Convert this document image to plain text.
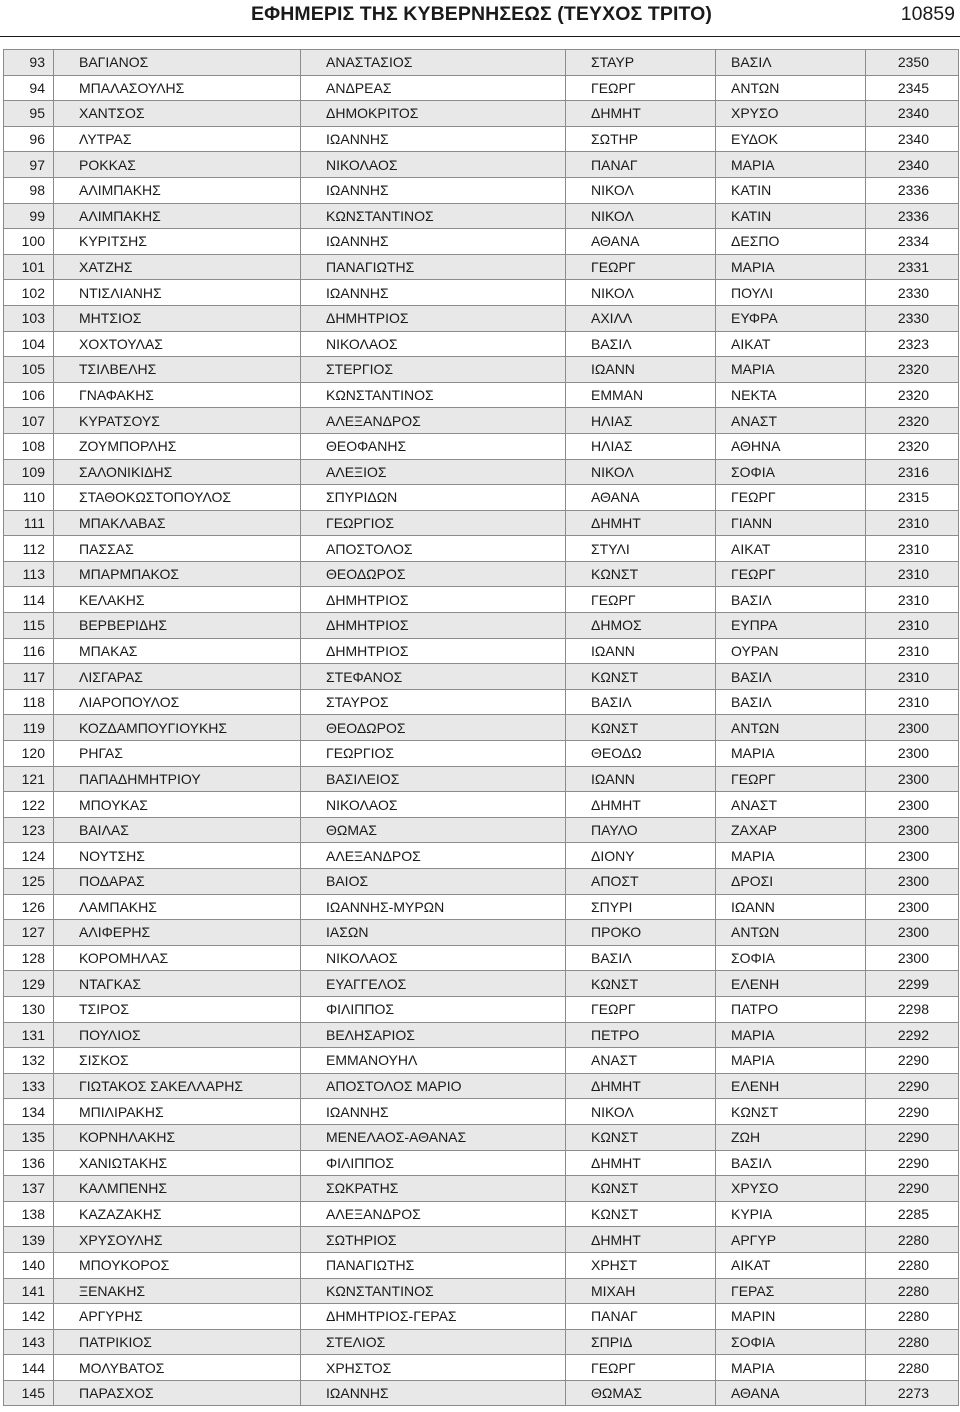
ΕΦΗΜΕΡΙΣ ΤΗΣ ΚΥΒΕΡΝΗΣΕΩΣ (ΤΕΥΧΟΣ ΤΡΙΤΟ)	10859
93	ΒΑΓΙΑΝΟΣ	ΑΝΑΣΤΑΣΙΟΣ	ΣΤΑΥΡ	ΒΑΣΙΛ	2350
94	ΜΠΑΛΑΣΟΥΛΗΣ	ΑΝΔΡΕΑΣ	ΓΕΩΡΓ	ΑΝΤΩΝ	2345
95	ΧΑΝΤΣΟΣ	ΔΗΜΟΚΡΙΤΟΣ	ΔΗΜΗΤ	ΧΡΥΣΟ	2340
96	ΛΥΤΡΑΣ	ΙΩΑΝΝΗΣ	ΣΩΤΗΡ	ΕΥΔΟΚ	2340
97	ΡΟΚΚΑΣ	ΝΙΚΟΛΑΟΣ	ΠΑΝΑΓ	ΜΑΡΙΑ	2340
98	ΑΛΙΜΠΑΚΗΣ	ΙΩΑΝΝΗΣ	ΝΙΚΟΛ	ΚΑΤΙΝ	2336
99	ΑΛΙΜΠΑΚΗΣ	ΚΩΝΣΤΑΝΤΙΝΟΣ	ΝΙΚΟΛ	ΚΑΤΙΝ	2336
100	ΚΥΡΙΤΣΗΣ	ΙΩΑΝΝΗΣ	ΑΘΑΝΑ	ΔΕΣΠΟ	2334
101	ΧΑΤΖΗΣ	ΠΑΝΑΓΙΩΤΗΣ	ΓΕΩΡΓ	ΜΑΡΙΑ	2331
102	ΝΤΙΣΛΙΑΝΗΣ	ΙΩΑΝΝΗΣ	ΝΙΚΟΛ	ΠΟΥΛΙ	2330
103	ΜΗΤΣΙΟΣ	ΔΗΜΗΤΡΙΟΣ	ΑΧΙΛΛ	ΕΥΦΡΑ	2330
104	ΧΟΧΤΟΥΛΑΣ	ΝΙΚΟΛΑΟΣ	ΒΑΣΙΛ	ΑΙΚΑΤ	2323
105	ΤΣΙΛΒΕΛΗΣ	ΣΤΕΡΓΙΟΣ	ΙΩΑΝΝ	ΜΑΡΙΑ	2320
106	ΓΝΑΦΑΚΗΣ	ΚΩΝΣΤΑΝΤΙΝΟΣ	ΕΜΜΑΝ	ΝΕΚΤΑ	2320
107	ΚΥΡΑΤΣΟΥΣ	ΑΛΕΞΑΝΔΡΟΣ	ΗΛΙΑΣ	ΑΝΑΣΤ	2320
108	ΖΟΥΜΠΟΡΛΗΣ	ΘΕΟΦΑΝΗΣ	ΗΛΙΑΣ	ΑΘΗΝΑ	2320
109	ΣΑΛΟΝΙΚΙΔΗΣ	ΑΛΕΞΙΟΣ	ΝΙΚΟΛ	ΣΟΦΙΑ	2316
110	ΣΤΑΘΟΚΩΣΤΟΠΟΥΛΟΣ	ΣΠΥΡΙΔΩΝ	ΑΘΑΝΑ	ΓΕΩΡΓ	2315
111	ΜΠΑΚΛΑΒΑΣ	ΓΕΩΡΓΙΟΣ	ΔΗΜΗΤ	ΓΙΑΝΝ	2310
112	ΠΑΣΣΑΣ	ΑΠΟΣΤΟΛΟΣ	ΣΤΥΛΙ	ΑΙΚΑΤ	2310
113	ΜΠΑΡΜΠΑΚΟΣ	ΘΕΟΔΩΡΟΣ	ΚΩΝΣΤ	ΓΕΩΡΓ	2310
114	ΚΕΛΑΚΗΣ	ΔΗΜΗΤΡΙΟΣ	ΓΕΩΡΓ	ΒΑΣΙΛ	2310
115	ΒΕΡΒΕΡΙΔΗΣ	ΔΗΜΗΤΡΙΟΣ	ΔΗΜΟΣ	ΕΥΠΡΑ	2310
116	ΜΠΑΚΑΣ	ΔΗΜΗΤΡΙΟΣ	ΙΩΑΝΝ	ΟΥΡΑΝ	2310
117	ΛΙΣΓΑΡΑΣ	ΣΤΕΦΑΝΟΣ	ΚΩΝΣΤ	ΒΑΣΙΛ	2310
118	ΛΙΑΡΟΠΟΥΛΟΣ	ΣΤΑΥΡΟΣ	ΒΑΣΙΛ	ΒΑΣΙΛ	2310
119	ΚΟΖΔΑΜΠΟΥΓΙΟΥΚΗΣ	ΘΕΟΔΩΡΟΣ	ΚΩΝΣΤ	ΑΝΤΩΝ	2300
120	ΡΗΓΑΣ	ΓΕΩΡΓΙΟΣ	ΘΕΟΔΩ	ΜΑΡΙΑ	2300
121	ΠΑΠΑΔΗΜΗΤΡΙΟΥ	ΒΑΣΙΛΕΙΟΣ	ΙΩΑΝΝ	ΓΕΩΡΓ	2300
122	ΜΠΟΥΚΑΣ	ΝΙΚΟΛΑΟΣ	ΔΗΜΗΤ	ΑΝΑΣΤ	2300
123	ΒΑΙΛΑΣ	ΘΩΜΑΣ	ΠΑΥΛΟ	ΖΑΧΑΡ	2300
124	ΝΟΥΤΣΗΣ	ΑΛΕΞΑΝΔΡΟΣ	ΔΙΟΝΥ	ΜΑΡΙΑ	2300
125	ΠΟΔΑΡΑΣ	ΒΑΙΟΣ	ΑΠΟΣΤ	ΔΡΟΣΙ	2300
126	ΛΑΜΠΑΚΗΣ	ΙΩΑΝΝΗΣ-ΜΥΡΩΝ	ΣΠΥΡΙ	ΙΩΑΝΝ	2300
127	ΑΛΙΦΕΡΗΣ	ΙΑΣΩΝ	ΠΡΟΚΟ	ΑΝΤΩΝ	2300
128	ΚΟΡΟΜΗΛΑΣ	ΝΙΚΟΛΑΟΣ	ΒΑΣΙΛ	ΣΟΦΙΑ	2300
129	ΝΤΑΓΚΑΣ	ΕΥΑΓΓΕΛΟΣ	ΚΩΝΣΤ	ΕΛΕΝΗ	2299
130	ΤΣΙΡΟΣ	ΦΙΛΙΠΠΟΣ	ΓΕΩΡΓ	ΠΑΤΡΟ	2298
131	ΠΟΥΛΙΟΣ	ΒΕΛΗΣΑΡΙΟΣ	ΠΕΤΡΟ	ΜΑΡΙΑ	2292
132	ΣΙΣΚΟΣ	ΕΜΜΑΝΟΥΗΛ	ΑΝΑΣΤ	ΜΑΡΙΑ	2290
133	ΓΙΩΤΑΚΟΣ ΣΑΚΕΛΛΑΡΗΣ	ΑΠΟΣΤΟΛΟΣ ΜΑΡΙΟ	ΔΗΜΗΤ	ΕΛΕΝΗ	2290
134	ΜΠΙΛΙΡΑΚΗΣ	ΙΩΑΝΝΗΣ	ΝΙΚΟΛ	ΚΩΝΣΤ	2290
135	ΚΟΡΝΗΛΑΚΗΣ	ΜΕΝΕΛΑΟΣ-ΑΘΑΝΑΣ	ΚΩΝΣΤ	ΖΩΗ	2290
136	ΧΑΝΙΩΤΑΚΗΣ	ΦΙΛΙΠΠΟΣ	ΔΗΜΗΤ	ΒΑΣΙΛ	2290
137	ΚΑΛΜΠΕΝΗΣ	ΣΩΚΡΑΤΗΣ	ΚΩΝΣΤ	ΧΡΥΣΟ	2290
138	ΚΑΖΑΖΑΚΗΣ	ΑΛΕΞΑΝΔΡΟΣ	ΚΩΝΣΤ	ΚΥΡΙΑ	2285
139	ΧΡΥΣΟΥΛΗΣ	ΣΩΤΗΡΙΟΣ	ΔΗΜΗΤ	ΑΡΓΥΡ	2280
140	ΜΠΟΥΚΟΡΟΣ	ΠΑΝΑΓΙΩΤΗΣ	ΧΡΗΣΤ	ΑΙΚΑΤ	2280
141	ΞΕΝΑΚΗΣ	ΚΩΝΣΤΑΝΤΙΝΟΣ	ΜΙΧΑΗ	ΓΕΡΑΣ	2280
142	ΑΡΓΥΡΗΣ	ΔΗΜΗΤΡΙΟΣ-ΓΕΡΑΣ	ΠΑΝΑΓ	ΜΑΡΙΝ	2280
143	ΠΑΤΡΙΚΙΟΣ	ΣΤΕΛΙΟΣ	ΣΠΡΙΔ	ΣΟΦΙΑ	2280
144	ΜΟΛΥΒΑΤΟΣ	ΧΡΗΣΤΟΣ	ΓΕΩΡΓ	ΜΑΡΙΑ	2280
145	ΠΑΡΑΣΧΟΣ	ΙΩΑΝΝΗΣ	ΘΩΜΑΣ	ΑΘΑΝΑ	2273
